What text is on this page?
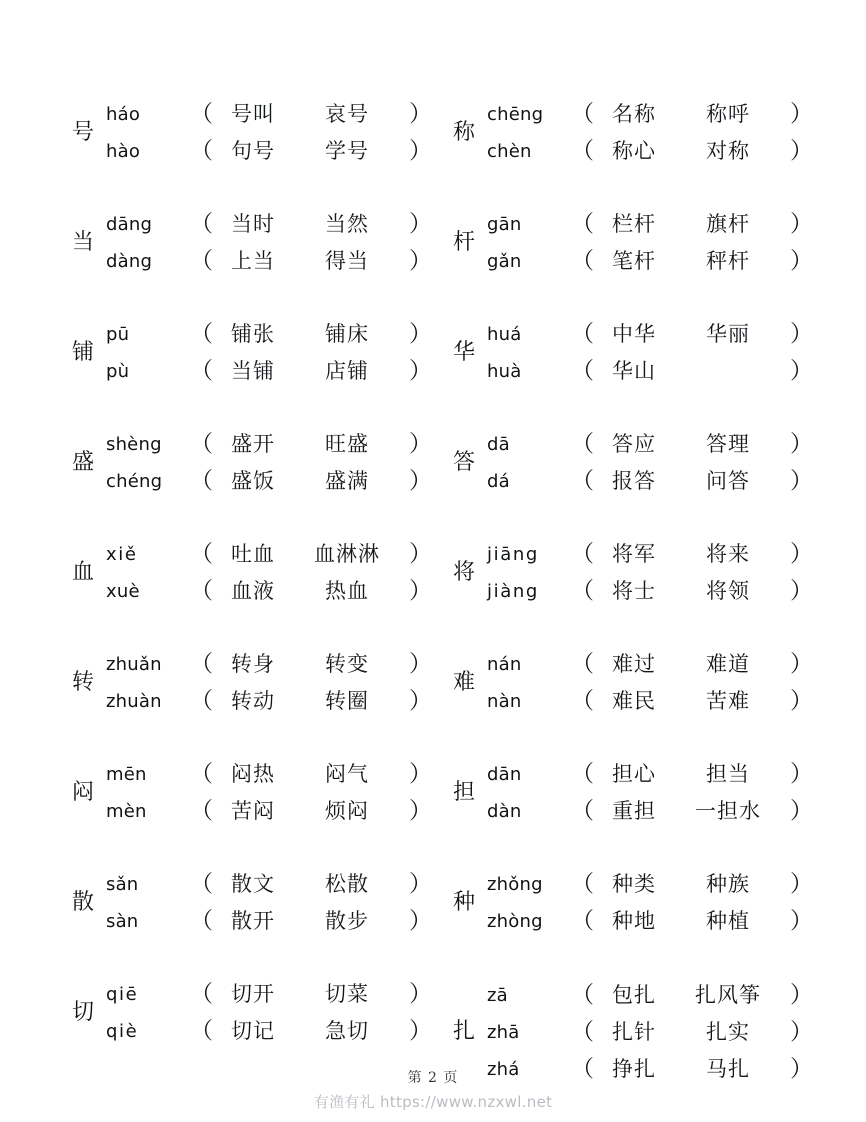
号
háo	（ 号叫	哀号	）
hào	（ 句号	学号	）
当
dāng	（ 当时	当然	）
dàng	（ 上当	得当	）
铺
pū	（ 铺张	铺床	）
pù	（ 当铺	店铺	）
盛
shèng	（ 盛开	旺盛	）
chéng	（ 盛饭	盛满	）
血
xiě	（ 吐血	血淋淋	）
xuè	（ 血液	热血	）
转
zhuǎn	（ 转身	转变	）
zhuàn	（ 转动	转圈	）
闷
mēn	（ 闷热	闷气	）
mèn	（ 苦闷	烦闷	）
散
sǎn	（ 散文	松散	）
sàn	（ 散开	散步	）
切
qiē	（ 切开	切菜	）
qiè	（ 切记	急切	）
称
chēng	（ 名称	称呼	）
chèn	（ 称心	对称	）
杆
gān	（ 栏杆	旗杆	）
gǎn	（ 笔杆	秤杆	）
华
huá	（ 中华	华丽	）
huà	（ 华山	）
答
dā	（ 答应	答理	）
dá	（ 报答	问答	）
将
jiāng	（ 将军	将来	）
jiàng	（ 将士	将领	）
难
nán	（ 难过	难道	）
nàn	（ 难民	苦难	）
担
dān	（ 担心	担当	）
dàn	（ 重担	一担水	）
种
zhǒng	（ 种类	种族	）
zhòng	（ 种地	种植	）
扎
zā	（ 包扎	扎风筝	）
zhā	（ 扎针	扎实	）
zhá	（ 挣扎	马扎	）
第 2 页
有渔有礼 https://www.nzxwl.net
